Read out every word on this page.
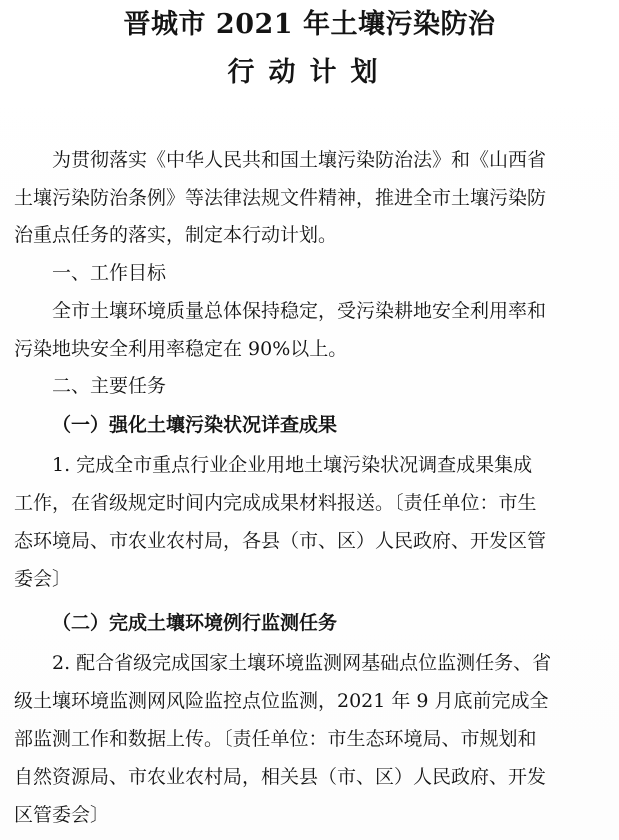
晋城市 2021 年土壤污染防治
行动计划
为贯彻落实《中华人民共和国土壤污染防治法》和《山西省
土壤污染防治条例》等法律法规文件精神，推进全市土壤污染防
治重点任务的落实，制定本行动计划。
一、工作目标
全市土壤环境质量总体保持稳定，受污染耕地安全利用率和
污染地块安全利用率稳定在 90%以上。
二、主要任务
（一）强化土壤污染状况详查成果
1. 完成全市重点行业企业用地土壤污染状况调查成果集成
工作，在省级规定时间内完成成果材料报送。〔责任单位：市生
态环境局、市农业农村局，各县（市、区）人民政府、开发区管
委会〕
（二）完成土壤环境例行监测任务
2. 配合省级完成国家土壤环境监测网基础点位监测任务、省
级土壤环境监测网风险监控点位监测，2021 年 9 月底前完成全
部监测工作和数据上传。〔责任单位：市生态环境局、市规划和
自然资源局、市农业农村局，相关县（市、区）人民政府、开发
区管委会〕
